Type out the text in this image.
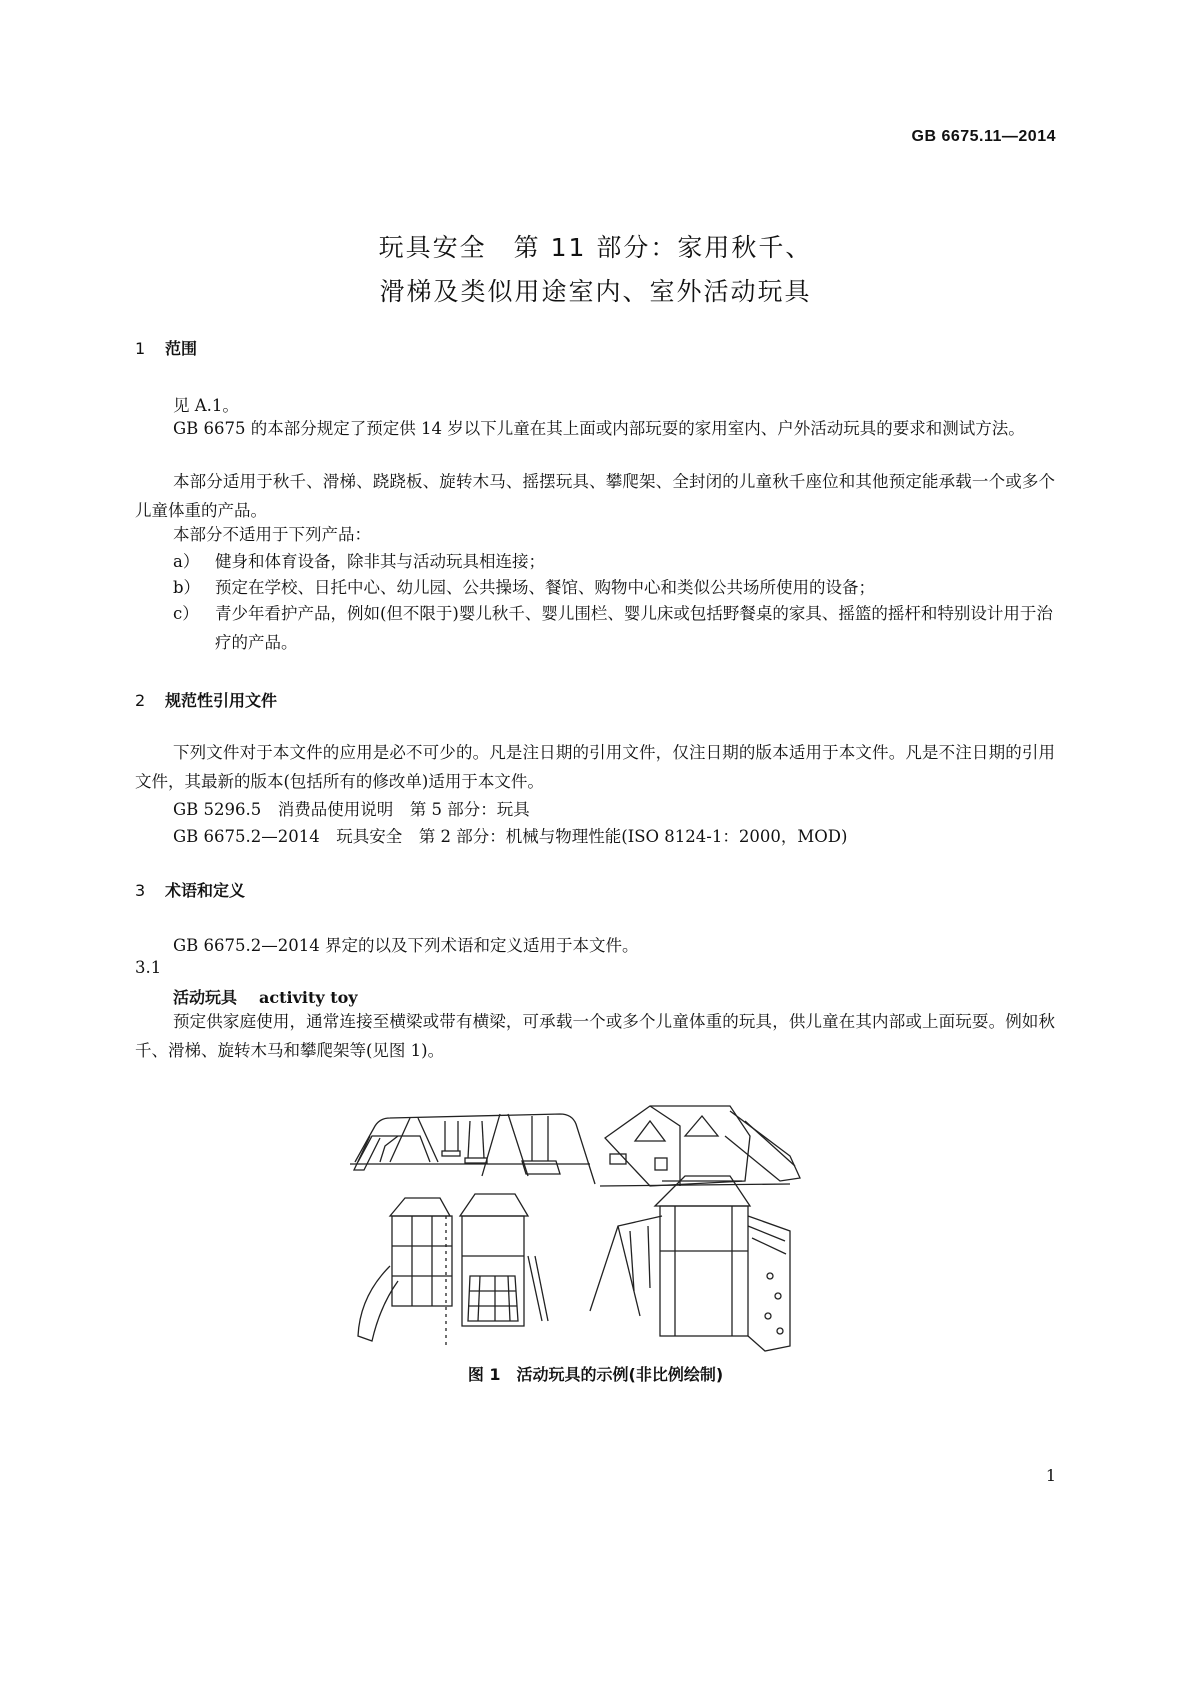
GB 6675.11—2014
玩具安全　第 11 部分：家用秋千、
滑梯及类似用途室内、室外活动玩具
1 范围
见 A.1。
GB 6675 的本部分规定了预定供 14 岁以下儿童在其上面或内部玩耍的家用室内、户外活动玩具的要求和测试方法。
本部分适用于秋千、滑梯、跷跷板、旋转木马、摇摆玩具、攀爬架、全封闭的儿童秋千座位和其他预定能承载一个或多个儿童体重的产品。
本部分不适用于下列产品：
a） 健身和体育设备，除非其与活动玩具相连接；
b） 预定在学校、日托中心、幼儿园、公共操场、餐馆、购物中心和类似公共场所使用的设备；
c） 青少年看护产品，例如(但不限于)婴儿秋千、婴儿围栏、婴儿床或包括野餐桌的家具、摇篮的摇杆和特别设计用于治疗的产品。
2 规范性引用文件
下列文件对于本文件的应用是必不可少的。凡是注日期的引用文件，仅注日期的版本适用于本文件。凡是不注日期的引用文件，其最新的版本(包括所有的修改单)适用于本文件。
GB 5296.5　消费品使用说明　第 5 部分：玩具
GB 6675.2—2014　玩具安全　第 2 部分：机械与物理性能(ISO 8124-1：2000，MOD)
3 术语和定义
GB 6675.2—2014 界定的以及下列术语和定义适用于本文件。
3.1
活动玩具 activity toy
预定供家庭使用，通常连接至横梁或带有横梁，可承载一个或多个儿童体重的玩具，供儿童在其内部或上面玩耍。例如秋千、滑梯、旋转木马和攀爬架等(见图 1)。
图 1　活动玩具的示例(非比例绘制)
1
